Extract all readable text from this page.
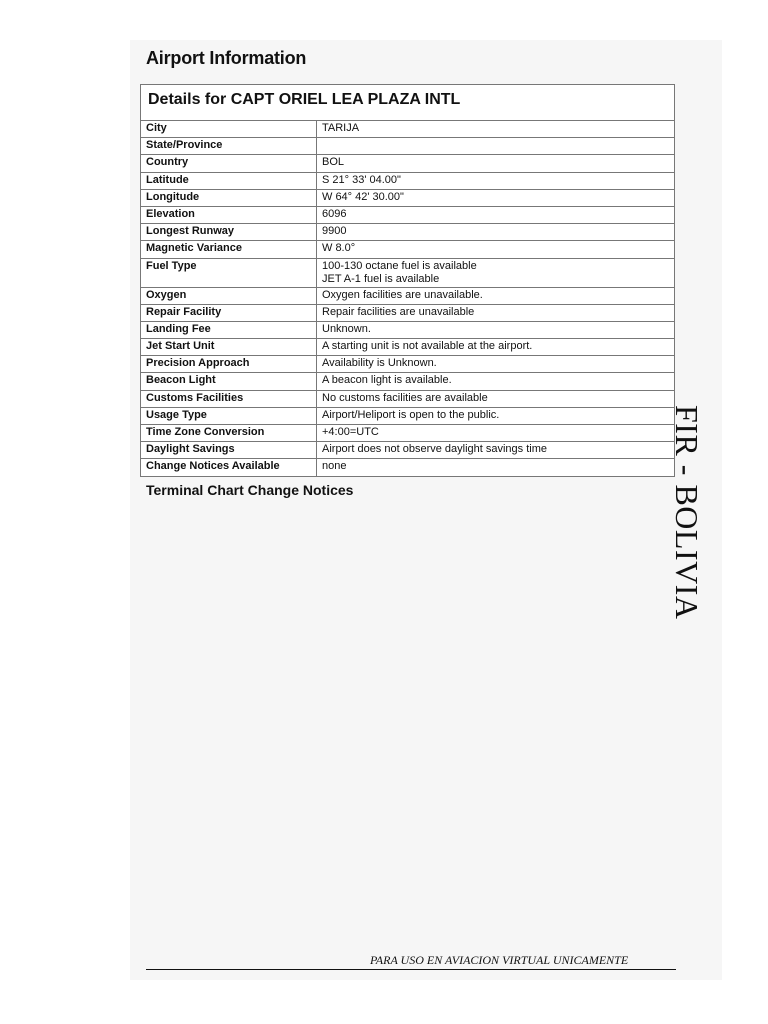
Airport Information
Details for CAPT ORIEL LEA PLAZA INTL
City	TARIJA

State/Province	

Country	BOL

Latitude	S 21° 33' 04.00"

Longitude	W 64° 42' 30.00"

Elevation	6096

Longest Runway	9900

Magnetic Variance	W 8.0°

Fuel Type	100-130 octane fuel is available
JET A-1 fuel is available

Oxygen	Oxygen facilities are unavailable.

Repair Facility	Repair facilities are unavailable

Landing Fee	Unknown.

Jet Start Unit	A starting unit is not available at the airport.

Precision Approach	Availability is Unknown.

Beacon Light	A beacon light is available.

Customs Facilities	No customs facilities are available

Usage Type	Airport/Heliport is open to the public.

Time Zone Conversion	+4:00=UTC

Daylight Savings	Airport does not observe daylight savings time

Change Notices Available	none
Terminal Chart Change Notices	FIR - BOLIVIA
PARA USO EN AVIACION VIRTUAL UNICAMENTE
